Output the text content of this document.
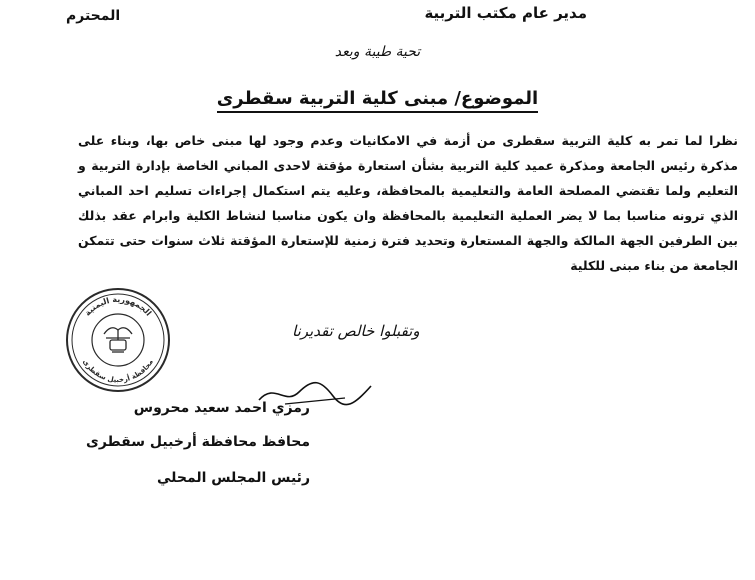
مدير عام مكتب التربية
المحترم
تحية طيبة وبعد
الموضوع/ مبنى كلية التربية سقطرى
نظرا لما تمر به كلية التربية سقطرى من أزمة في الامكانيات وعدم وجود لها مبنى خاص بها، وبناء على مذكرة رئيس الجامعة ومذكرة عميد كلية التربية بشأن استعارة مؤقتة لاحدى المباني الخاصة بإدارة التربية و التعليم ولما تقتضي المصلحة العامة والتعليمية بالمحافظة، وعليه يتم استكمال إجراءات تسليم احد المباني الذي ترونه مناسبا بما لا يضر العملية التعليمية بالمحافظة وان يكون مناسبا لنشاط الكلية وابرام عقد بذلك بين الطرفين الجهة المالكة والجهة المستعارة وتحديد فترة زمنية للإستعارة المؤقتة ثلاث سنوات حتى تتمكن الجامعة من بناء مبنى للكلية
وتقبلوا خالص تقديرنا
الجمهورية اليمنية
محافظة أرخبيل سقطرى
رمزي احمد سعيد محروس
محافظ محافظة أرخبيل سقطرى
رئيس المجلس المحلي
